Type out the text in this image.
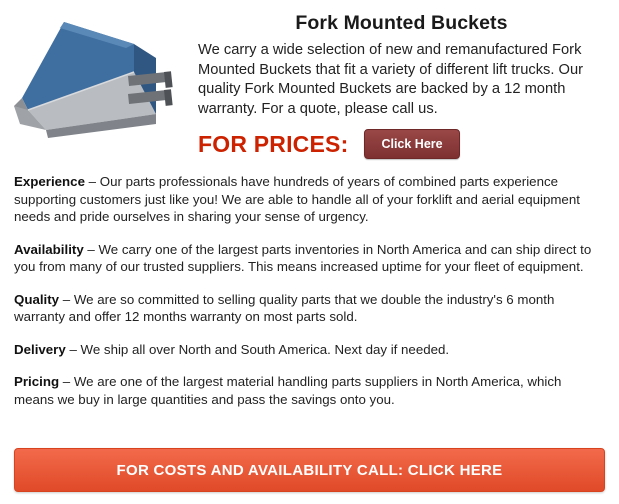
Fork Mounted Buckets

We carry a wide selection of new and remanufactured Fork Mounted Buckets that fit a variety of different lift trucks. Our quality Fork Mounted Buckets are backed by a 12 month warranty. For a quote, please call us.

FOR PRICES:	Click Here

Experience – Our parts professionals have hundreds of years of combined parts experience supporting customers just like you! We are able to handle all of your forklift and aerial equipment needs and pride ourselves in sharing your sense of urgency.

Availability – We carry one of the largest parts inventories in North America and can ship direct to you from many of our trusted suppliers. This means increased uptime for your fleet of equipment.

Quality – We are so committed to selling quality parts that we double the industry's 6 month warranty and offer 12 months warranty on most parts sold.

Delivery – We ship all over North and South America. Next day if needed.

Pricing – We are one of the largest material handling parts suppliers in North America, which means we buy in large quantities and pass the savings onto you.

FOR COSTS AND AVAILABILITY CALL: CLICK HERE
